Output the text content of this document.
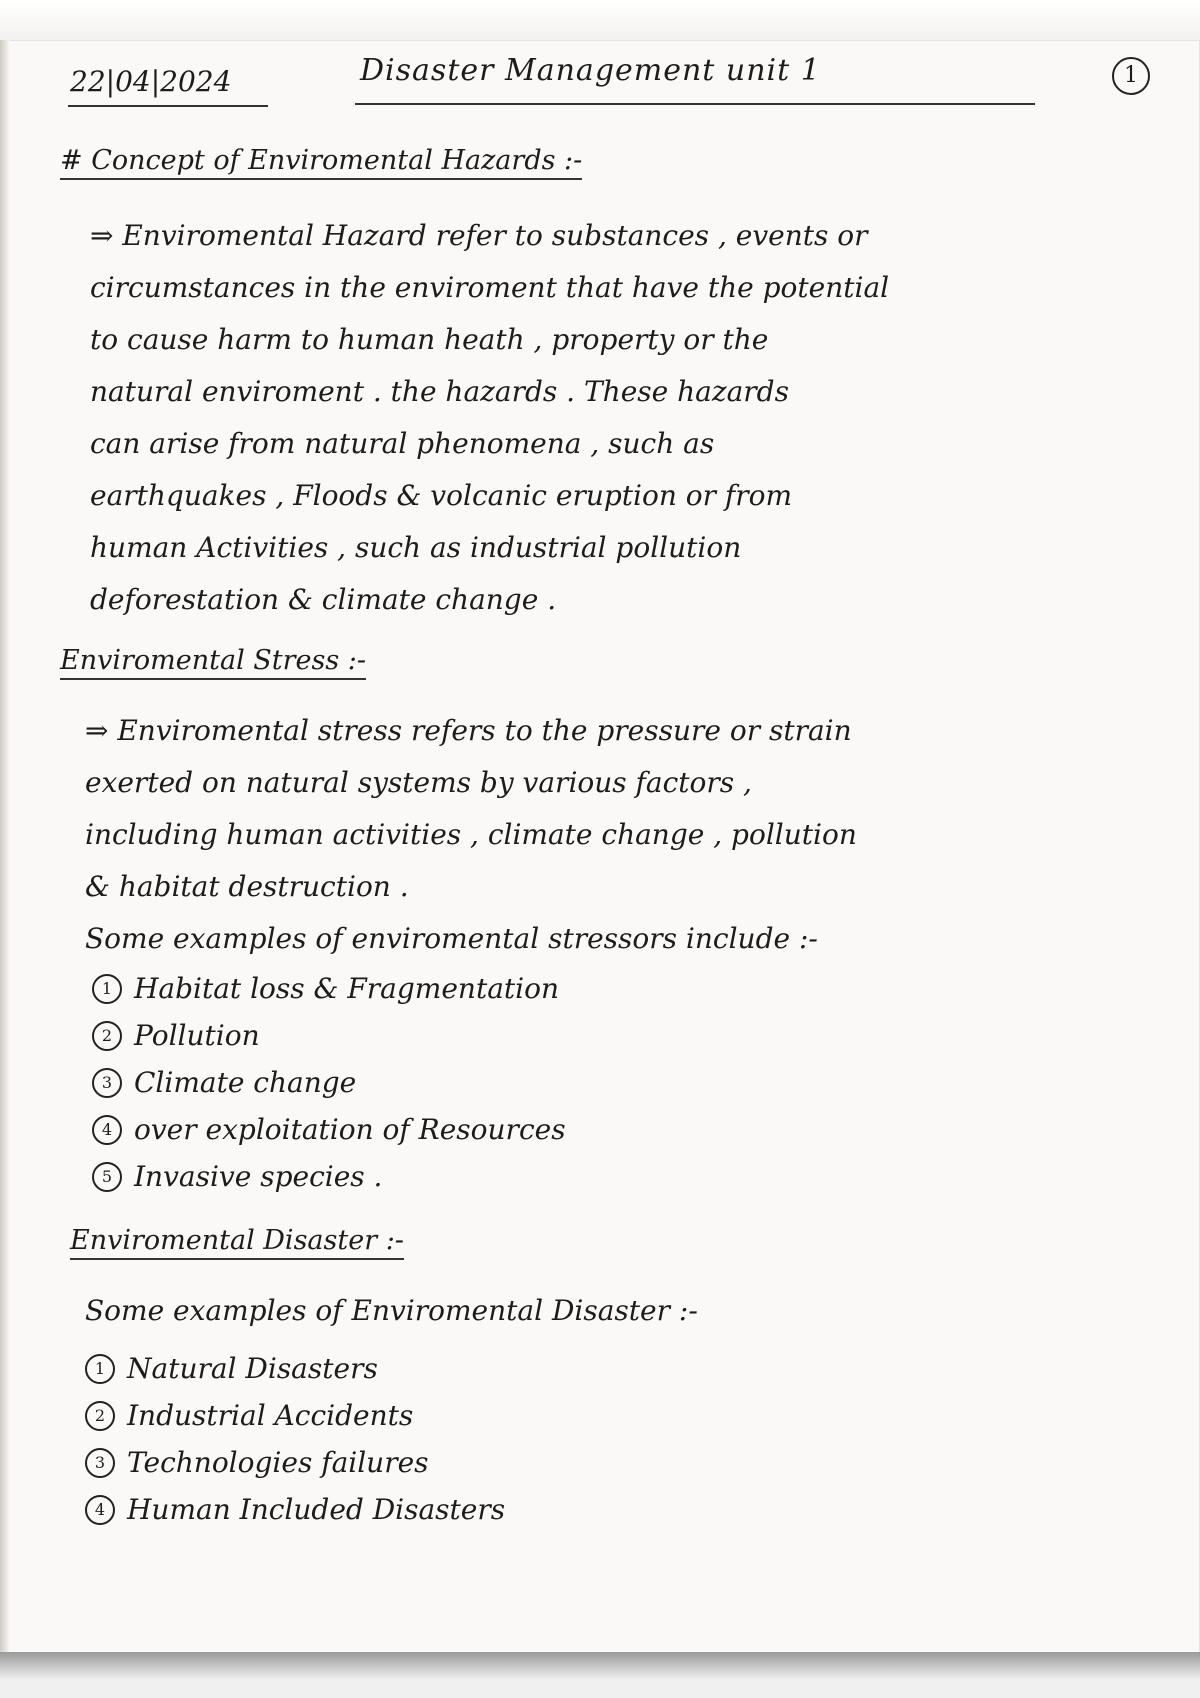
22|04|2024	Disaster Management unit 1	1
# Concept of Enviromental Hazards :-

⇒ Enviromental Hazard refer to substances , events or

circumstances in the enviroment that have the potential

to cause harm to human heath , property or the

natural enviroment . the hazards . These hazards

can arise from natural phenomena , such as

earthquakes , Floods & volcanic eruption or from

human Activities , such as industrial pollution

deforestation & climate change .

Enviromental Stress :-

⇒ Enviromental stress refers to the pressure or strain

exerted on natural systems by various factors ,

including human activities , climate change , pollution

& habitat destruction .

Some examples of enviromental stressors include :-

1 Habitat loss & Fragmentation
2 Pollution
3 Climate change
4 over exploitation of Resources
5 Invasive species .
Enviromental Disaster :-

Some examples of Enviromental Disaster :-

1 Natural Disasters
2 Industrial Accidents
3 Technologies failures
4 Human Included Disasters
